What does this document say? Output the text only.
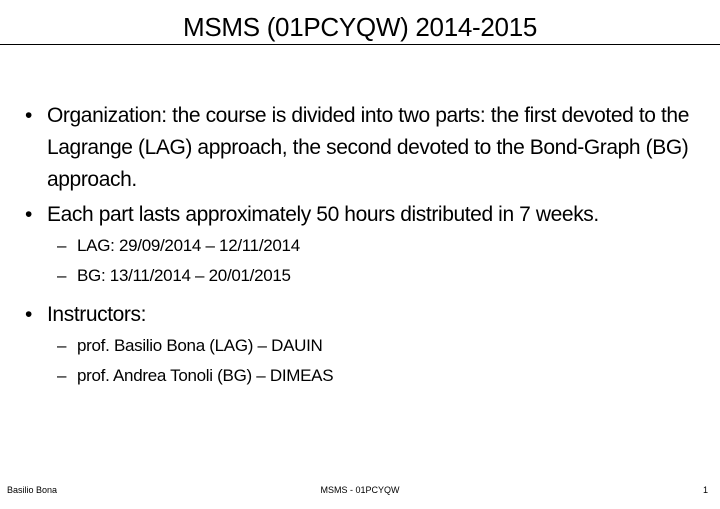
MSMS (01PCYQW) 2014-2015
• Organization: the course is divided into two parts: the first devoted to the Lagrange (LAG) approach, the second devoted to the Bond-Graph (BG) approach.
• Each part lasts approximately 50 hours distributed in 7 weeks.
– LAG: 29/09/2014 – 12/11/2014
– BG: 13/11/2014 – 20/01/2015
• Instructors:
– prof. Basilio Bona (LAG) – DAUIN
– prof. Andrea Tonoli (BG) – DIMEAS
Basilio Bona	MSMS - 01PCYQW	1
